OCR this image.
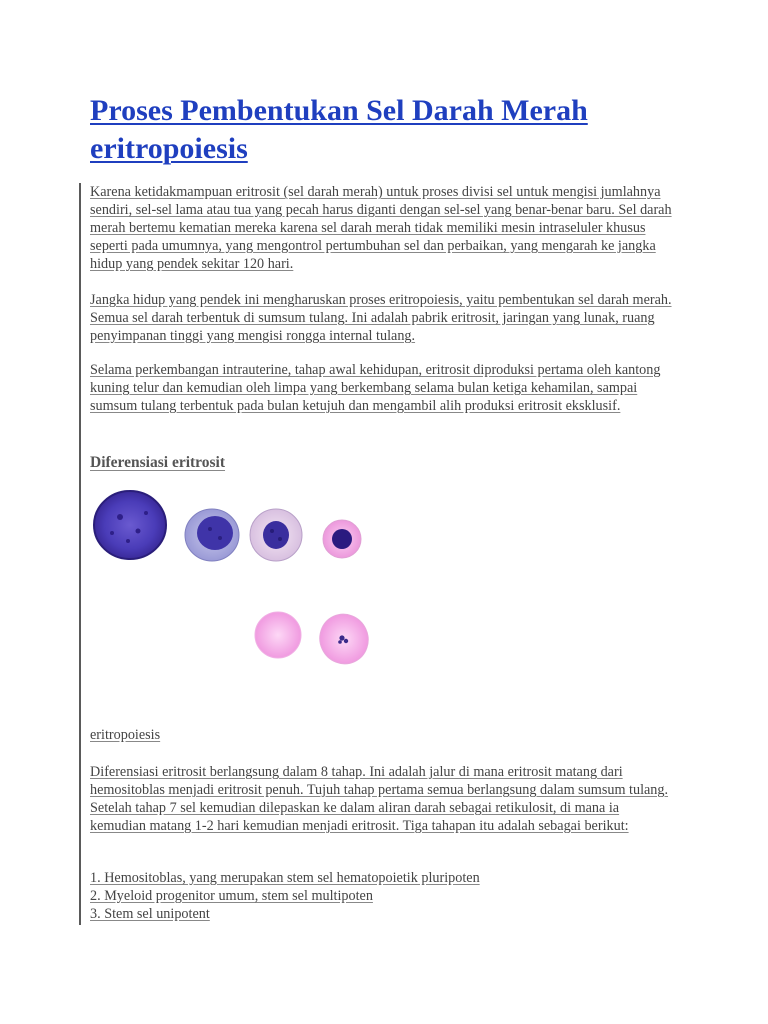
Proses Pembentukan Sel Darah Merah eritropoiesis

Karena ketidakmampuan eritrosit (sel darah merah) untuk proses divisi sel untuk mengisi jumlahnya sendiri, sel-sel lama atau tua yang pecah harus diganti dengan sel-sel yang benar-benar baru. Sel darah merah bertemu kematian mereka karena sel darah merah tidak memiliki mesin intraseluler khusus seperti pada umumnya, yang mengontrol pertumbuhan sel dan perbaikan, yang mengarah ke jangka hidup yang pendek sekitar 120 hari.

Jangka hidup yang pendek ini mengharuskan proses eritropoiesis, yaitu pembentukan sel darah merah. Semua sel darah terbentuk di sumsum tulang. Ini adalah pabrik eritrosit, jaringan yang lunak, ruang penyimpanan tinggi yang mengisi rongga internal tulang.

Selama perkembangan intrauterine, tahap awal kehidupan, eritrosit diproduksi pertama oleh kantong kuning telur dan kemudian oleh limpa yang berkembang selama bulan ketiga kehamilan, sampai sumsum tulang terbentuk pada bulan ketujuh dan mengambil alih produksi eritrosit eksklusif.

Diferensiasi eritrosit

eritropoiesis

Diferensiasi eritrosit berlangsung dalam 8 tahap. Ini adalah jalur di mana eritrosit matang dari hemositoblas menjadi eritrosit penuh. Tujuh tahap pertama semua berlangsung dalam sumsum tulang. Setelah tahap 7 sel kemudian dilepaskan ke dalam aliran darah sebagai retikulosit, di mana ia kemudian matang 1-2 hari kemudian menjadi eritrosit. Tiga tahapan itu adalah sebagai berikut:

1. Hemositoblas, yang merupakan stem sel hematopoietik pluripoten
2. Myeloid progenitor umum, stem sel multipoten
3. Stem sel unipotent
